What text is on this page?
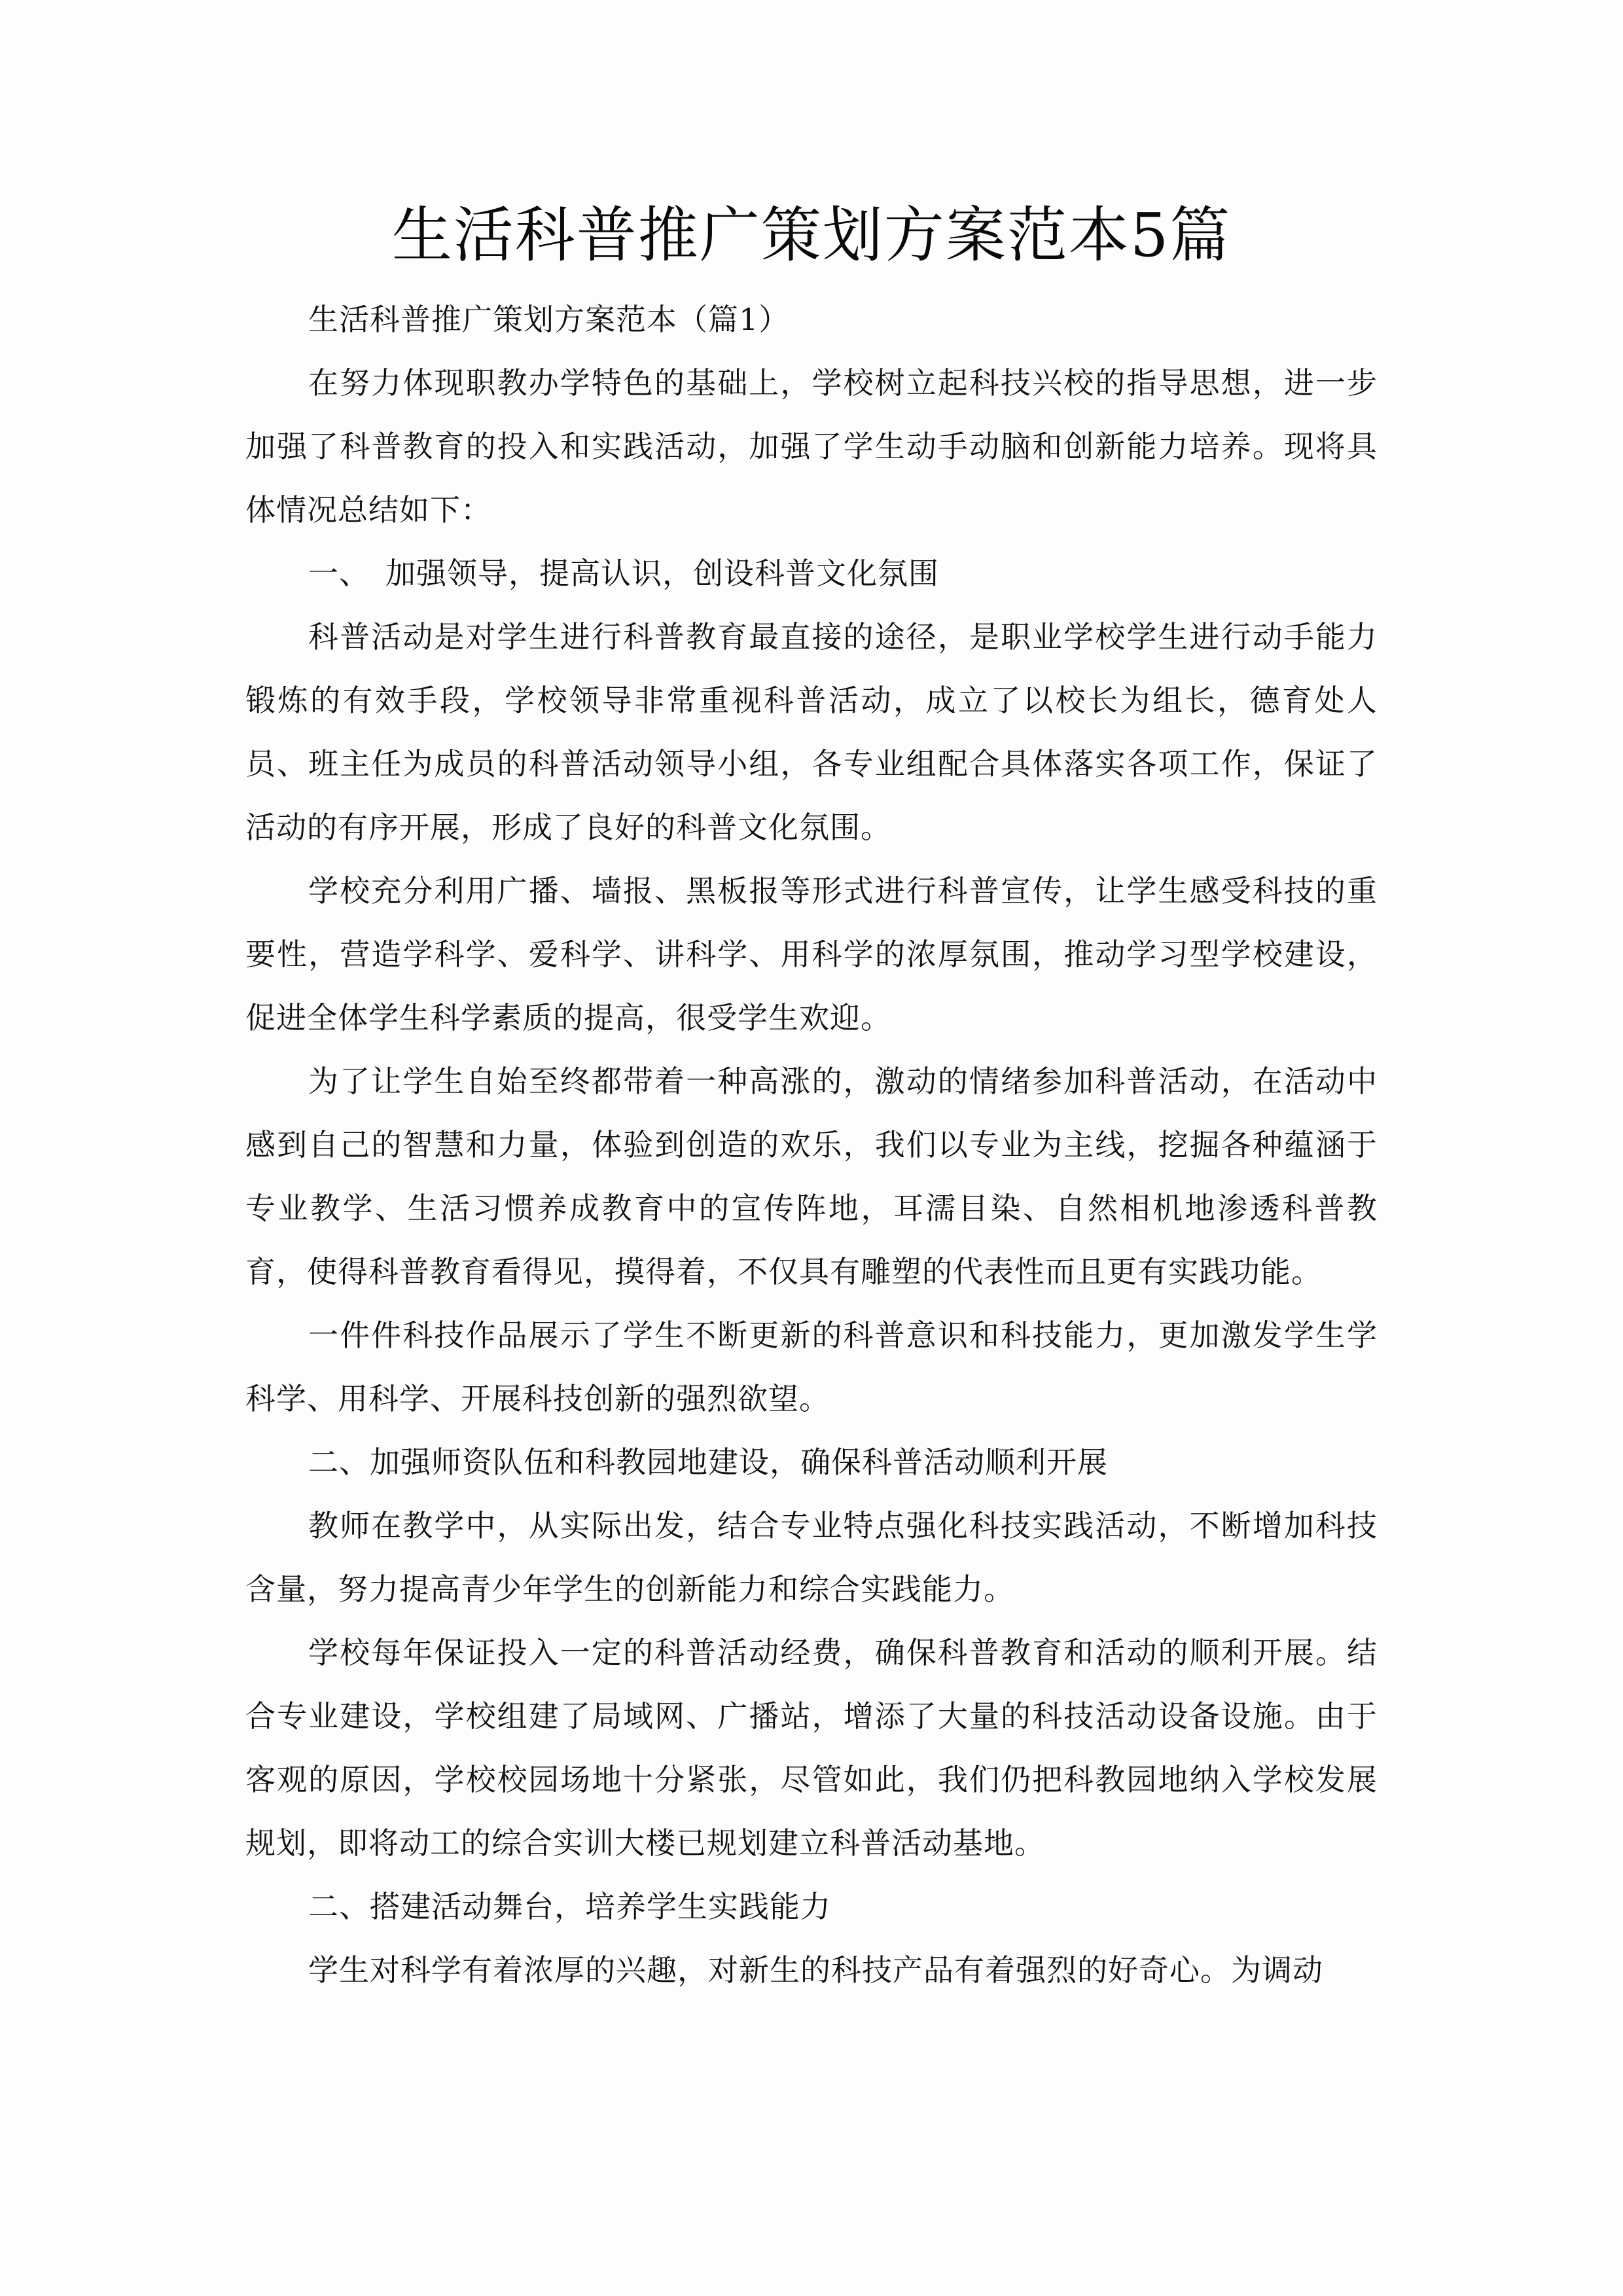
生活科普推广策划方案范本5篇

生活科普推广策划方案范本（篇1）

在努力体现职教办学特色的基础上，学校树立起科技兴校的指导思想，进一步加强了科普教育的投入和实践活动，加强了学生动手动脑和创新能力培养。现将具体情况总结如下：

一、　加强领导，提高认识，创设科普文化氛围

科普活动是对学生进行科普教育最直接的途径，是职业学校学生进行动手能力锻炼的有效手段，学校领导非常重视科普活动，成立了以校长为组长，德育处人员、班主任为成员的科普活动领导小组，各专业组配合具体落实各项工作，保证了活动的有序开展，形成了良好的科普文化氛围。

学校充分利用广播、墙报、黑板报等形式进行科普宣传，让学生感受科技的重要性，营造学科学、爱科学、讲科学、用科学的浓厚氛围，推动学习型学校建设，促进全体学生科学素质的提高，很受学生欢迎。

为了让学生自始至终都带着一种高涨的，激动的情绪参加科普活动，在活动中感到自己的智慧和力量，体验到创造的欢乐，我们以专业为主线，挖掘各种蕴涵于专业教学、生活习惯养成教育中的宣传阵地，耳濡目染、自然相机地渗透科普教育，使得科普教育看得见，摸得着，不仅具有雕塑的代表性而且更有实践功能。

一件件科技作品展示了学生不断更新的科普意识和科技能力，更加激发学生学科学、用科学、开展科技创新的强烈欲望。

二、加强师资队伍和科教园地建设，确保科普活动顺利开展

教师在教学中，从实际出发，结合专业特点强化科技实践活动，不断增加科技含量，努力提高青少年学生的创新能力和综合实践能力。

学校每年保证投入一定的科普活动经费，确保科普教育和活动的顺利开展。结合专业建设，学校组建了局域网、广播站，增添了大量的科技活动设备设施。由于客观的原因，学校校园场地十分紧张，尽管如此，我们仍把科教园地纳入学校发展规划，即将动工的综合实训大楼已规划建立科普活动基地。

二、搭建活动舞台，培养学生实践能力

学生对科学有着浓厚的兴趣，对新生的科技产品有着强烈的好奇心。为调动
